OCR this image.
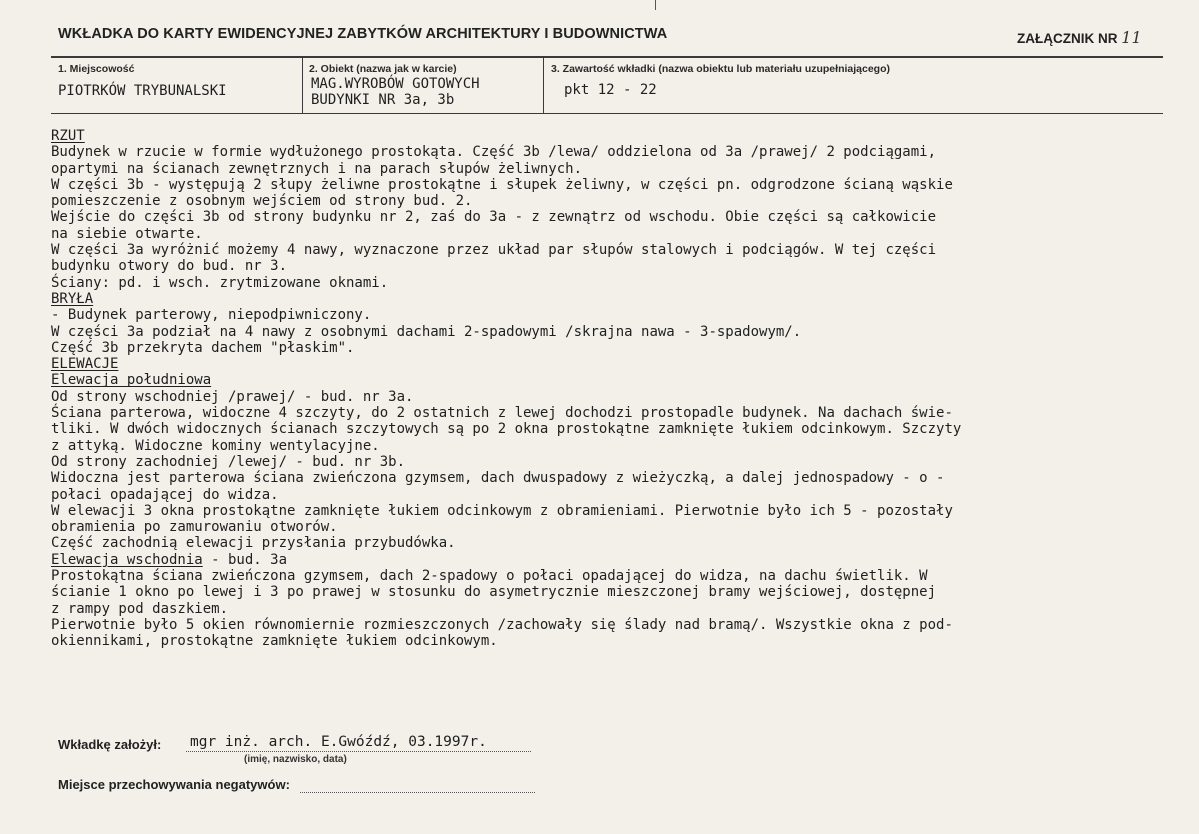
WKŁADKA DO KARTY EWIDENCYJNEJ ZABYTKÓW ARCHITEKTURY I BUDOWNICTWA	ZAŁĄCZNIK NR 11
1. Miejscowość
PIOTRKÓW TRYBUNALSKI
2. Obiekt (nazwa jak w karcie)
MAG.WYROBÓW GOTOWYCH
BUDYNKI NR 3a, 3b
3. Zawartość wkładki (nazwa obiektu lub materiału uzupełniającego)
pkt 12 - 22
RZUT
Budynek w rzucie w formie wydłużonego prostokąta. Część 3b /lewa/ oddzielona od 3a /prawej/ 2 podciągami,
opartymi na ścianach zewnętrznych i na parach słupów żeliwnych.
W części 3b - występują 2 słupy żeliwne prostokątne i słupek żeliwny, w części pn. odgrodzone ścianą wąskie
pomieszczenie z osobnym wejściem od strony bud. 2.
Wejście do części 3b od strony budynku nr 2, zaś do 3a - z zewnątrz od wschodu. Obie części są całkowicie
na siebie otwarte.
W części 3a wyróżnić możemy 4 nawy, wyznaczone przez układ par słupów stalowych i podciągów. W tej części
budynku otwory do bud. nr 3.
Ściany: pd. i wsch. zrytmizowane oknami.
BRYŁA
- Budynek parterowy, niepodpiwniczony.
W części 3a podział na 4 nawy z osobnymi dachami 2-spadowymi /skrajna nawa - 3-spadowym/.
Część 3b przekryta dachem "płaskim".
ELEWACJE
Elewacja południowa
Od strony wschodniej /prawej/ - bud. nr 3a.
Ściana parterowa, widoczne 4 szczyty, do 2 ostatnich z lewej dochodzi prostopadle budynek. Na dachach świe-
tliki. W dwóch widocznych ścianach szczytowych są po 2 okna prostokątne zamknięte łukiem odcinkowym. Szczyty
z attyką. Widoczne kominy wentylacyjne.
Od strony zachodniej /lewej/ - bud. nr 3b.
Widoczna jest parterowa ściana zwieńczona gzymsem, dach dwuspadowy z wieżyczką, a dalej jednospadowy - o -
połaci opadającej do widza.
W elewacji 3 okna prostokątne zamknięte łukiem odcinkowym z obramieniami. Pierwotnie było ich 5 - pozostały
obramienia po zamurowaniu otworów.
Część zachodnią elewacji przysłania przybudówka.
Elewacja wschodnia - bud. 3a
Prostokątna ściana zwieńczona gzymsem, dach 2-spadowy o połaci opadającej do widza, na dachu świetlik. W
ścianie 1 okno po lewej i 3 po prawej w stosunku do asymetrycznie mieszczonej bramy wejściowej, dostępnej
z rampy pod daszkiem.
Pierwotnie było 5 okien równomiernie rozmieszczonych /zachowały się ślady nad bramą/. Wszystkie okna z pod-
okiennikami, prostokątne zamknięte łukiem odcinkowym.
Wkładkę założył: mgr inż. arch. E.Gwóźdź, 03.1997r.
(imię, nazwisko, data)
Miejsce przechowywania negatywów:
